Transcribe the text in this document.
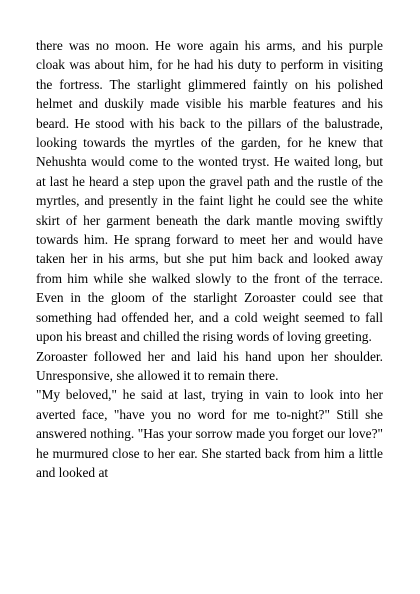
there was no moon. He wore again his arms, and his purple cloak was about him, for he had his duty to perform in visiting the fortress. The starlight glimmered faintly on his polished helmet and duskily made visible his marble features and his beard. He stood with his back to the pillars of the balustrade, looking towards the myrtles of the garden, for he knew that Nehushta would come to the wonted tryst. He waited long, but at last he heard a step upon the gravel path and the rustle of the myrtles, and presently in the faint light he could see the white skirt of her garment beneath the dark mantle moving swiftly towards him. He sprang forward to meet her and would have taken her in his arms, but she put him back and looked away from him while she walked slowly to the front of the terrace. Even in the gloom of the starlight Zoroaster could see that something had offended her, and a cold weight seemed to fall upon his breast and chilled the rising words of loving greeting.

Zoroaster followed her and laid his hand upon her shoulder. Unresponsive, she allowed it to remain there.

"My beloved," he said at last, trying in vain to look into her averted face, "have you no word for me to-night?" Still she answered nothing. "Has your sorrow made you forget our love?" he murmured close to her ear. She started back from him a little and looked at
